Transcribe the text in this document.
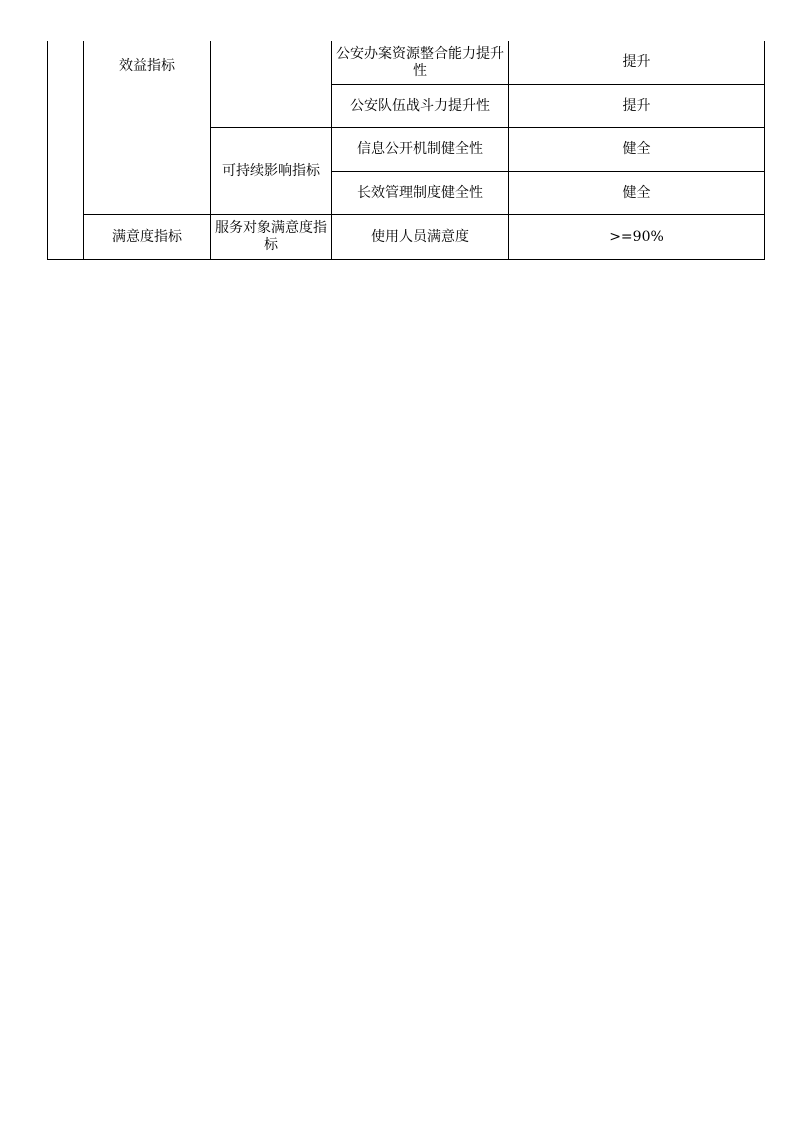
	效益指标		公安办案资源整合能力提升性	提升
			公安队伍战斗力提升性	提升
		可持续影响指标	信息公开机制健全性	健全
			长效管理制度健全性	健全
	满意度指标	服务对象满意度指标	使用人员满意度	>=90%
